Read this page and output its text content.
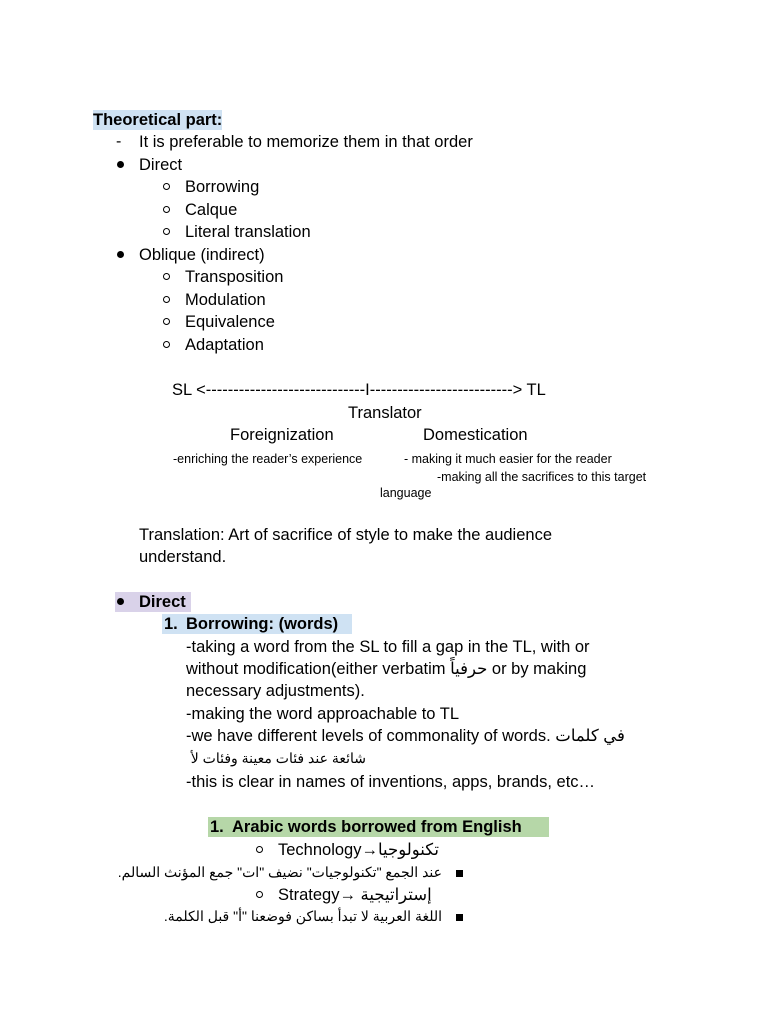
Theoretical part:
- It is preferable to memorize them in that order
Direct
Borrowing
Calque
Literal translation
Oblique (indirect)
Transposition
Modulation
Equivalence
Adaptation
SL <-----------------------------I--------------------------> TL
Translator
Foreignization	Domestication
-enriching the reader’s experience	- making it much easier for the reader
-making all the sacrifices to this target
language
Translation: Art of sacrifice of style to make the audience
understand.
Direct
1. Borrowing: (words)
-taking a word from the SL to fill a gap in the TL, with or
without modification(either verbatim حرفياً or by making
necessary adjustments).
-making the word approachable to TL
-we have different levels of commonality of words. في كلمات
شائعة عند فئات معينة وفئات لأ
-this is clear in names of inventions, apps, brands, etc…
1. Arabic words borrowed from English
Technology→تكنولوجيا
عند الجمع "تكنولوجيات" نضيف "ات" جمع المؤنث السالم.
Strategy→ إستراتيجية
اللغة العربية لا تبدأ بساكن فوضعنا "أ" قبل الكلمة.
